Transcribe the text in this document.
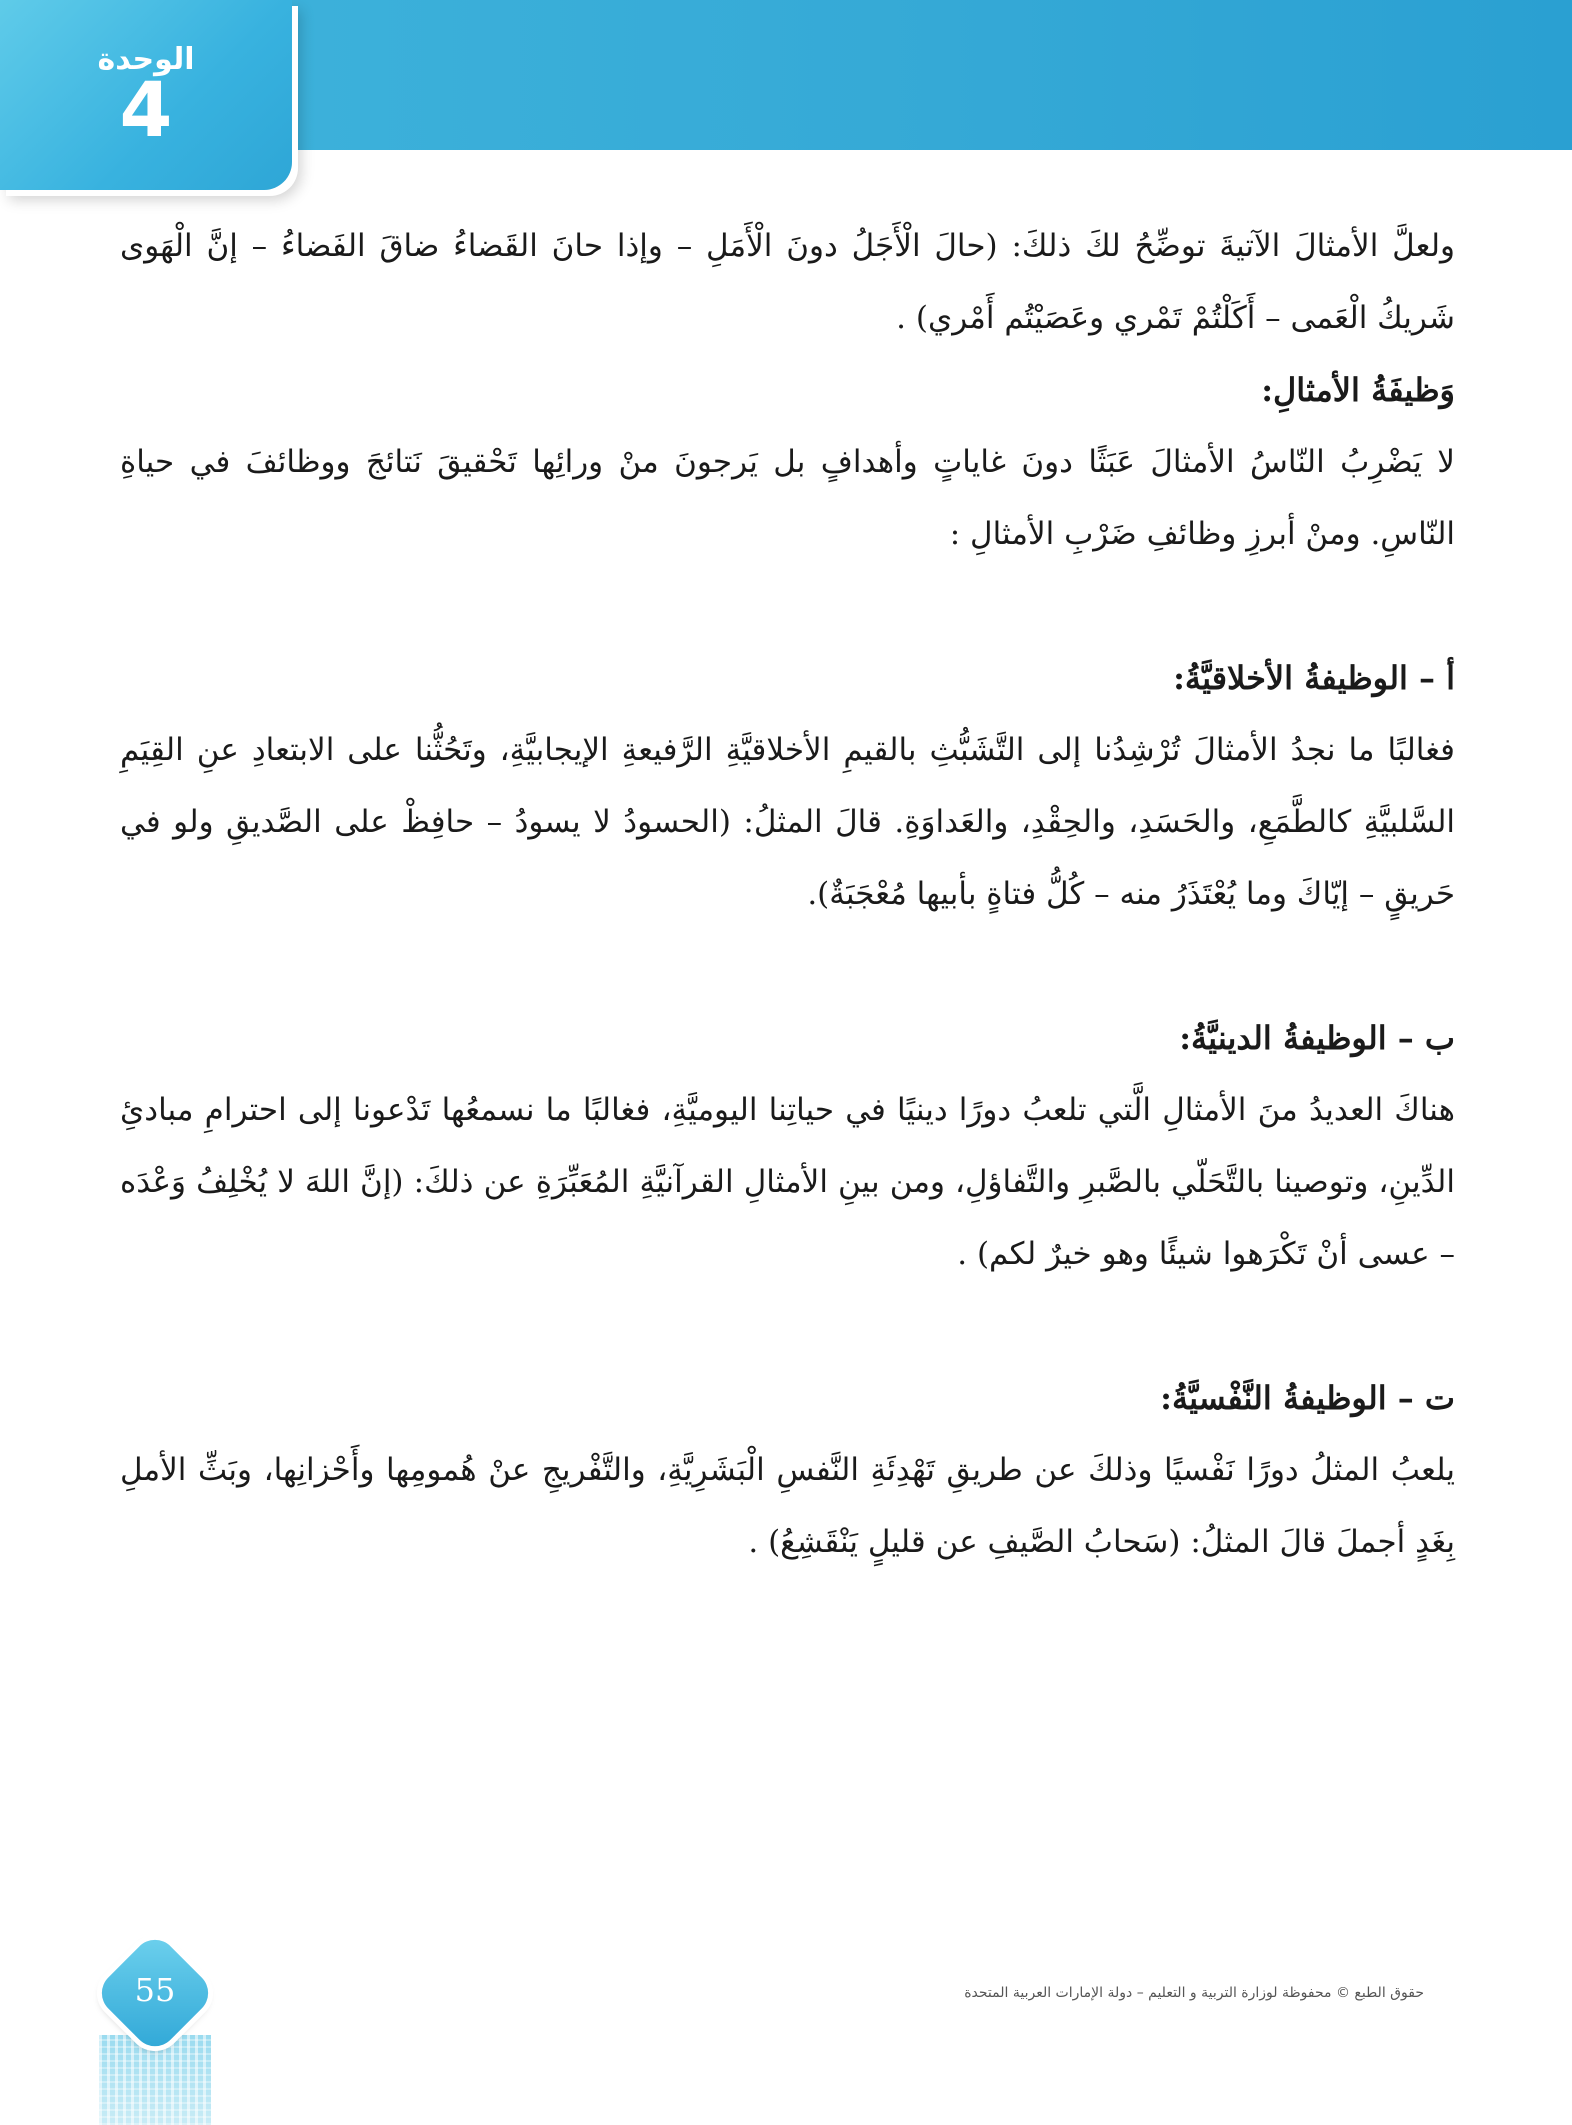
الوحدة
4

ولعلَّ الأمثالَ الآتيةَ توضِّحُ لكَ ذلكَ: (حالَ الْأَجَلُ دونَ الْأَمَلِ – وإذا حانَ القَضاءُ ضاقَ الفَضاءُ – إنَّ الْهَوى شَريكُ الْعَمى – أَكَلْتُمْ تَمْري وعَصَيْتُم أَمْري) .

وَظيفَةُ الأمثالِ:

لا يَضْرِبُ النّاسُ الأمثالَ عَبَثًا دونَ غاياتٍ وأهدافٍ بل يَرجونَ منْ ورائِها تَحْقيقَ نَتائجَ ووظائفَ في حياةِ النّاسِ. ومنْ أبرزِ وظائفِ ضَرْبِ الأمثالِ :

أ – الوظيفةُ الأخلاقيَّةُ:

فغالبًا ما نجدُ الأمثالَ تُرْشِدُنا إلى التَّشَبُّثِ بالقيمِ الأخلاقيَّةِ الرَّفيعةِ الإيجابيَّةِ، وتَحُثُّنا على الابتعادِ عنِ القِيَمِ السَّلبيَّةِ كالطَّمَعِ، والحَسَدِ، والحِقْدِ، والعَداوَةِ. قالَ المثلُ: (الحسودُ لا يسودُ – حافِظْ على الصَّديقِ ولو في حَريقٍ – إيّاكَ وما يُعْتَذَرُ منه – كُلُّ فتاةٍ بأبيها مُعْجَبَةٌ).

ب – الوظيفةُ الدينيَّةُ:

هناكَ العديدُ منَ الأمثالِ الَّتي تلعبُ دورًا دينيًا في حياتِنا اليوميَّةِ، فغالبًا ما نسمعُها تَدْعونا إلى احترامِ مبادئِ الدِّينِ، وتوصينا بالتَّحَلّي بالصَّبرِ والتَّفاؤلِ، ومن بينِ الأمثالِ القرآنيَّةِ المُعَبِّرَةِ عن ذلكَ: (إنَّ اللهَ لا يُخْلِفُ وَعْدَه – عسى أنْ تَكْرَهوا شيئًا وهو خيرٌ لكم) .

ت – الوظيفةُ النَّفْسيَّةُ:

يلعبُ المثلُ دورًا نَفْسيًا وذلكَ عن طريقِ تَهْدِئَةِ النَّفسِ الْبَشَرِيَّةِ، والتَّفْريجِ عنْ هُمومِها وأَحْزانِها، وبَثِّ الأملِ بِغَدٍ أجملَ قالَ المثلُ: (سَحابُ الصَّيفِ عن قليلٍ يَنْقَشِعُ) .

55	حقوق الطبع © محفوظة لوزارة التربية و التعليم – دولة الإمارات العربية المتحدة
